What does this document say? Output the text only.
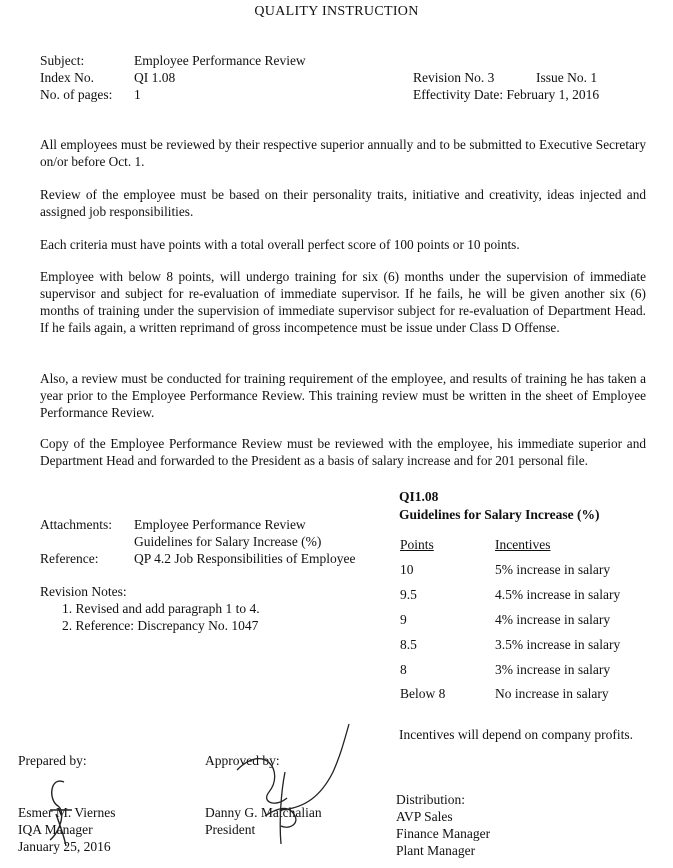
QUALITY INSTRUCTION
Subject:	Employee Performance Review
Index No.	QI 1.08
No. of pages: 1
Revision No. 3	Issue No. 1
Effectivity Date: February 1, 2016
All employees must be reviewed by their respective superior annually and to be submitted to Executive Secretary on/or before Oct. 1.
Review of the employee must be based on their personality traits, initiative and creativity, ideas injected and assigned job responsibilities.
Each criteria must have points with a total overall perfect score of 100 points or 10 points.
Employee with below 8 points, will undergo training for six (6) months under the supervision of immediate supervisor and subject for re-evaluation of immediate supervisor. If he fails, he will be given another six (6) months of training under the supervision of immediate supervisor subject for re-evaluation of Department Head. If he fails again, a written reprimand of gross incompetence must be issue under Class D Offense.
Also, a review must be conducted for training requirement of the employee, and results of training he has taken a year prior to the Employee Performance Review. This training review must be written in the sheet of Employee Performance Review.
Copy of the Employee Performance Review must be reviewed with the employee, his immediate superior and Department Head and forwarded to the President as a basis of salary increase and for 201 personal file.
Attachments: Employee Performance Review
Guidelines for Salary Increase (%)
Reference:	QP 4.2 Job Responsibilities of Employee
Revision Notes:
1. Revised and add paragraph 1 to 4.
2. Reference: Discrepancy No. 1047
QI1.08
Guidelines for Salary Increase (%)
Points	Incentives
10	5% increase in salary
9.5	4.5% increase in salary
9	4% increase in salary
8.5	3.5% increase in salary
8	3% increase in salary
Below 8	No increase in salary
Incentives will depend on company profits.
Prepared by:
Esmer M. Viernes
IQA Manager
January 25, 2016
Approved by:
Danny G. Matchalian
President
Distribution:
AVP Sales
Finance Manager
Plant Manager
